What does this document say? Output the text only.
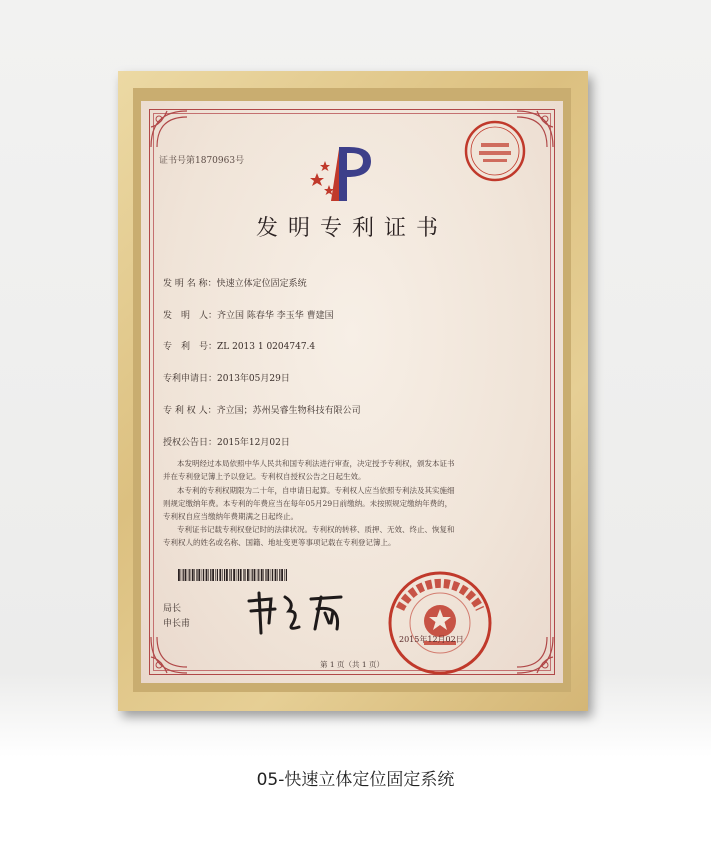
证书号第1870963号
发明专利证书
发 明 名 称：快速立体定位固定系统
发　明　人：齐立国 陈春华 李玉华 曹建国
专　利　号：ZL 2013 1 0204747.4
专利申请日：2013年05月29日
专 利 权 人：齐立国；苏州吴睿生物科技有限公司
授权公告日：2015年12月02日
本发明经过本局依照中华人民共和国专利法进行审查，决定授予专利权，颁发本证书
并在专利登记簿上予以登记。专利权自授权公告之日起生效。
本专利的专利权期限为二十年，自申请日起算。专利权人应当依照专利法及其实施细
则规定缴纳年费。本专利的年费应当在每年05月29日前缴纳。未按照规定缴纳年费的，
专利权自应当缴纳年费期满之日起终止。
专利证书记载专利权登记时的法律状况。专利权的转移、质押、无效、终止、恢复和
专利权人的姓名或名称、国籍、地址变更等事项记载在专利登记簿上。
局长
申长甫
2015年12月02日
第 1 页（共 1 页）
05-快速立体定位固定系统
